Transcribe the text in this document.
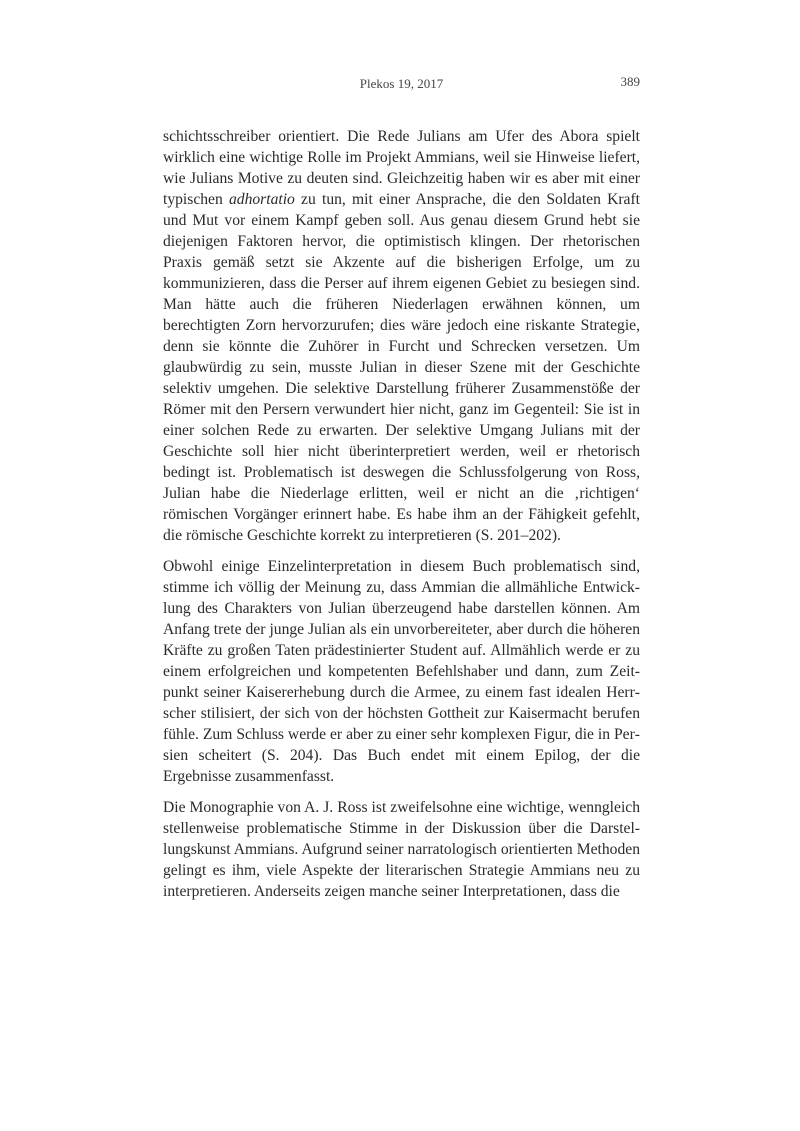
Plekos 19, 2017	389

schichtsschreiber orientiert. Die Rede Julians am Ufer des Abora spielt wirklich eine wichtige Rolle im Projekt Ammians, weil sie Hinweise liefert, wie Julians Motive zu deuten sind. Gleichzeitig haben wir es aber mit einer typischen adhortatio zu tun, mit einer Ansprache, die den Soldaten Kraft und Mut vor einem Kampf geben soll. Aus genau diesem Grund hebt sie diejenigen Faktoren hervor, die optimistisch klingen. Der rhetorischen Praxis gemäß setzt sie Akzente auf die bisherigen Erfolge, um zu kommunizieren, dass die Perser auf ihrem eigenen Gebiet zu besiegen sind. Man hätte auch die früheren Niederlagen erwähnen können, um berechtigten Zorn hervorzurufen; dies wäre jedoch eine riskante Strategie, denn sie könnte die Zuhörer in Furcht und Schrecken versetzen. Um glaubwürdig zu sein, musste Julian in dieser Szene mit der Geschichte selektiv umgehen. Die selektive Darstellung früherer Zusammenstöße der Römer mit den Persern verwundert hier nicht, ganz im Gegenteil: Sie ist in einer solchen Rede zu erwarten. Der selektive Umgang Julians mit der Geschichte soll hier nicht überinterpretiert werden, weil er rhetorisch bedingt ist. Problematisch ist deswegen die Schlussfolgerung von Ross, Julian habe die Niederlage erlitten, weil er nicht an die ‚richtigen‘ römischen Vorgänger erinnert habe. Es habe ihm an der Fähigkeit gefehlt, die römische Geschichte korrekt zu interpretieren (S. 201–202).

Obwohl einige Einzelinterpretation in diesem Buch problematisch sind, stimme ich völlig der Meinung zu, dass Ammian die allmähliche Entwicklung des Charakters von Julian überzeugend habe darstellen können. Am Anfang trete der junge Julian als ein unvorbereiteter, aber durch die höheren Kräfte zu großen Taten prädestinierter Student auf. Allmählich werde er zu einem erfolgreichen und kompetenten Befehlshaber und dann, zum Zeitpunkt seiner Kaisererhebung durch die Armee, zu einem fast idealen Herrscher stilisiert, der sich von der höchsten Gottheit zur Kaisermacht berufen fühle. Zum Schluss werde er aber zu einer sehr komplexen Figur, die in Persien scheitert (S. 204). Das Buch endet mit einem Epilog, der die Ergebnisse zusammenfasst.

Die Monographie von A. J. Ross ist zweifelsohne eine wichtige, wenngleich stellenweise problematische Stimme in der Diskussion über die Darstellungskunst Ammians. Aufgrund seiner narratologisch orientierten Methoden gelingt es ihm, viele Aspekte der literarischen Strategie Ammians neu zu interpretieren. Anderseits zeigen manche seiner Interpretationen, dass die
